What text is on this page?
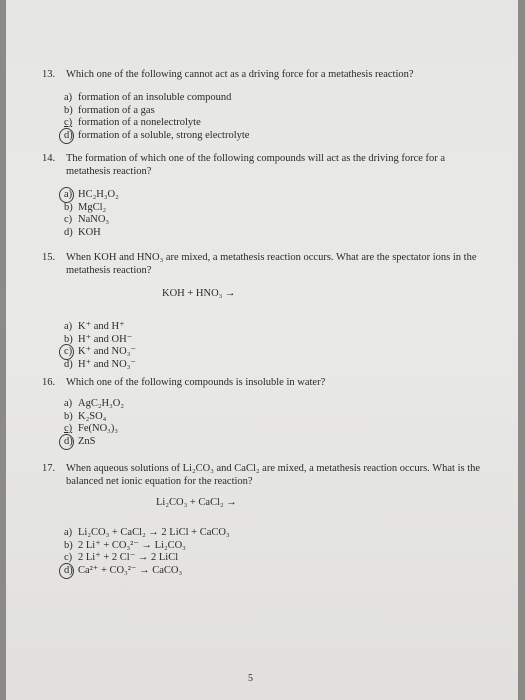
13. Which one of the following cannot act as a driving force for a metathesis reaction?
a) formation of an insoluble compound
b) formation of a gas
c) formation of a nonelectrolyte
d) formation of a soluble, strong electrolyte
14. The formation of which one of the following compounds will act as the driving force for a metathesis reaction?
a) HC₂H₃O₂
b) MgCl₂
c) NaNO₃
d) KOH
15. When KOH and HNO₃ are mixed, a metathesis reaction occurs. What are the spectator ions in the metathesis reaction?
KOH + HNO₃ →
a) K⁺ and H⁺
b) H⁺ and OH⁻
c) K⁺ and NO₃⁻
d) H⁺ and NO₃⁻
16. Which one of the following compounds is insoluble in water?
a) AgC₂H₃O₂
b) K₂SO₄
c) Fe(NO₃)₃
d) ZnS
17. When aqueous solutions of Li₂CO₃ and CaCl₂ are mixed, a metathesis reaction occurs. What is the balanced net ionic equation for the reaction?
Li₂CO₃ + CaCl₂ →
a) Li₂CO₃ + CaCl₂ → 2 LiCl + CaCO₃
b) 2 Li⁺ + CO₃²⁻ → Li₂CO₃
c) 2 Li⁺ + 2 Cl⁻ → 2 LiCl
d) Ca²⁺ + CO₃²⁻ → CaCO₃
5
